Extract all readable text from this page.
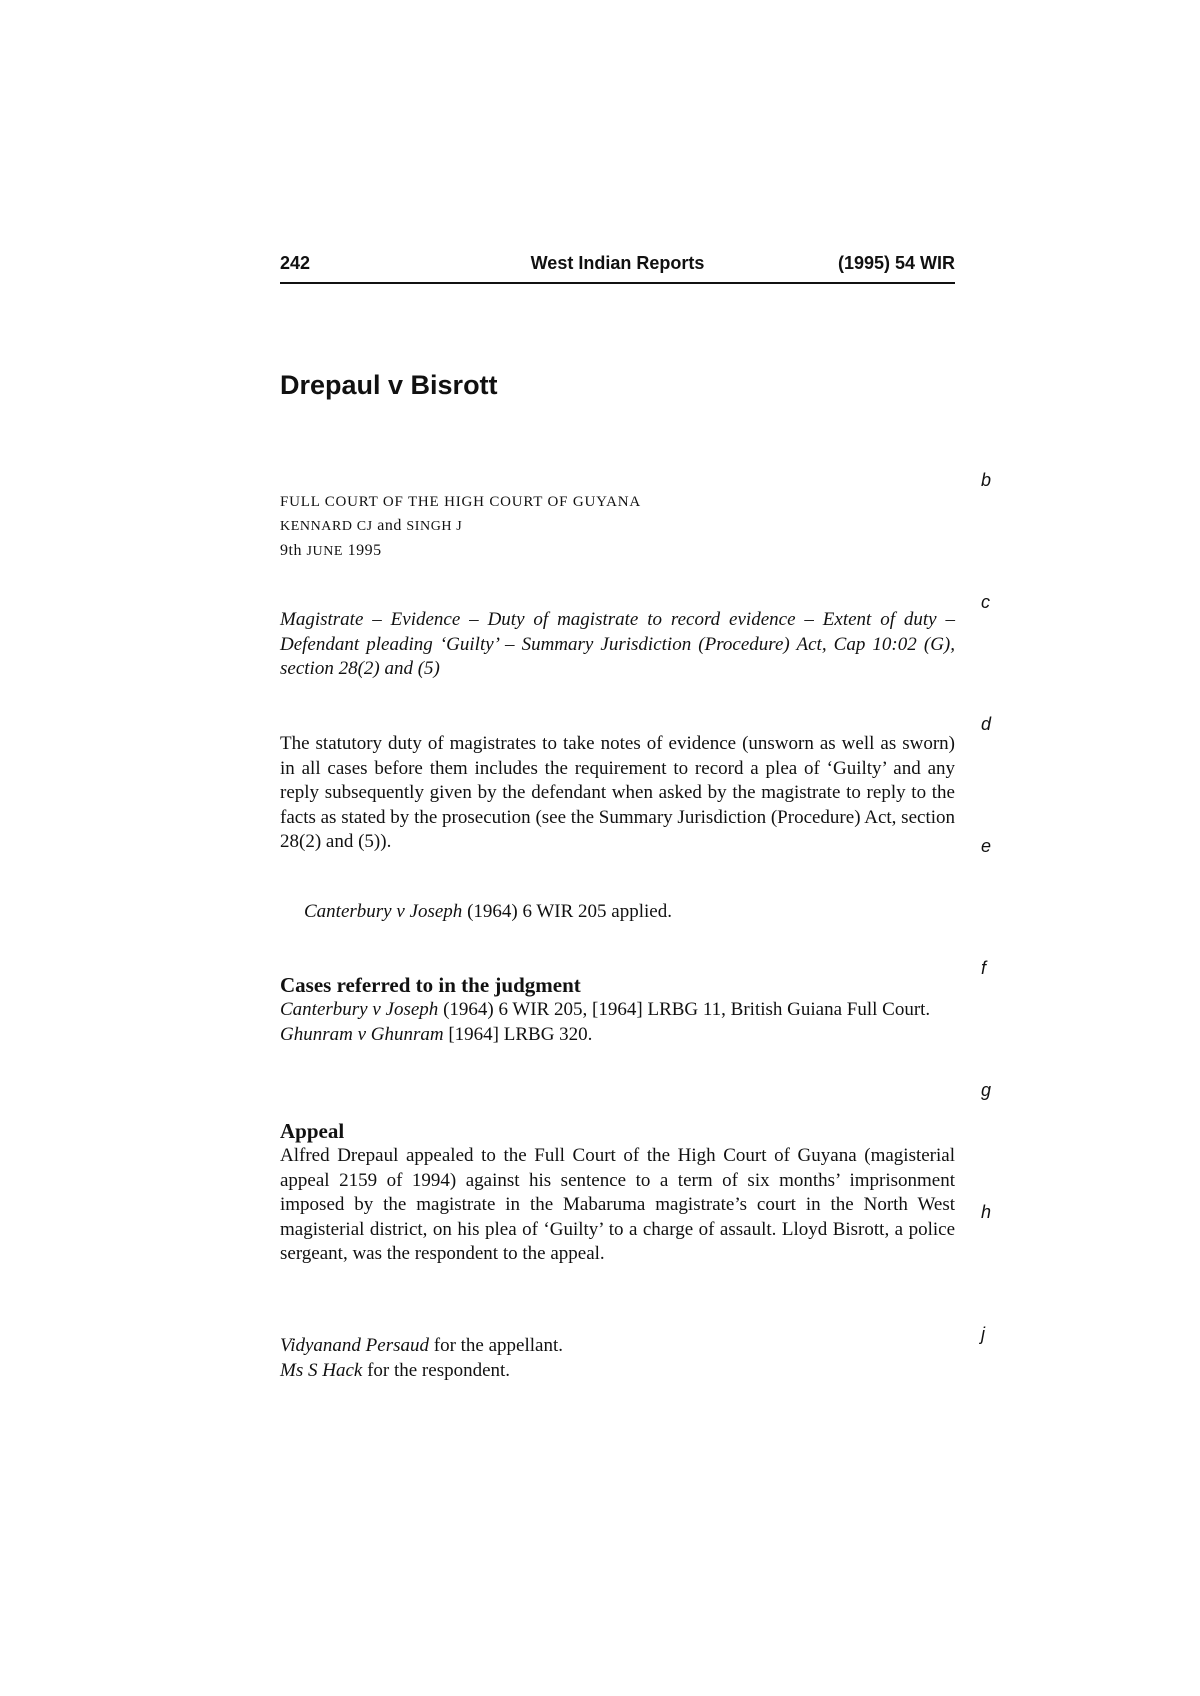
242	West Indian Reports	(1995) 54 WIR
Drepaul v Bisrott
FULL COURT OF THE HIGH COURT OF GUYANA
KENNARD CJ and SINGH J
9th JUNE 1995

Magistrate – Evidence – Duty of magistrate to record evidence – Extent of duty – Defendant pleading ‘Guilty’ – Summary Jurisdiction (Procedure) Act, Cap 10:02 (G), section 28(2) and (5)

The statutory duty of magistrates to take notes of evidence (unsworn as well as sworn) in all cases before them includes the requirement to record a plea of ‘Guilty’ and any reply subsequently given by the defendant when asked by the magistrate to reply to the facts as stated by the prosecution (see the Summary Jurisdiction (Procedure) Act, section 28(2) and (5)).

Canterbury v Joseph (1964) 6 WIR 205 applied.

Cases referred to in the judgment
Canterbury v Joseph (1964) 6 WIR 205, [1964] LRBG 11, British Guiana Full Court.
Ghunram v Ghunram [1964] LRBG 320.
Appeal

Alfred Drepaul appealed to the Full Court of the High Court of Guyana (magisterial appeal 2159 of 1994) against his sentence to a term of six months’ imprisonment imposed by the magistrate in the Mabaruma magistrate’s court in the North West magisterial district, on his plea of ‘Guilty’ to a charge of assault. Lloyd Bisrott, a police sergeant, was the respondent to the appeal.

Vidyanand Persaud for the appellant.
Ms S Hack for the respondent.
b
c
d
e
f
g
h
j
